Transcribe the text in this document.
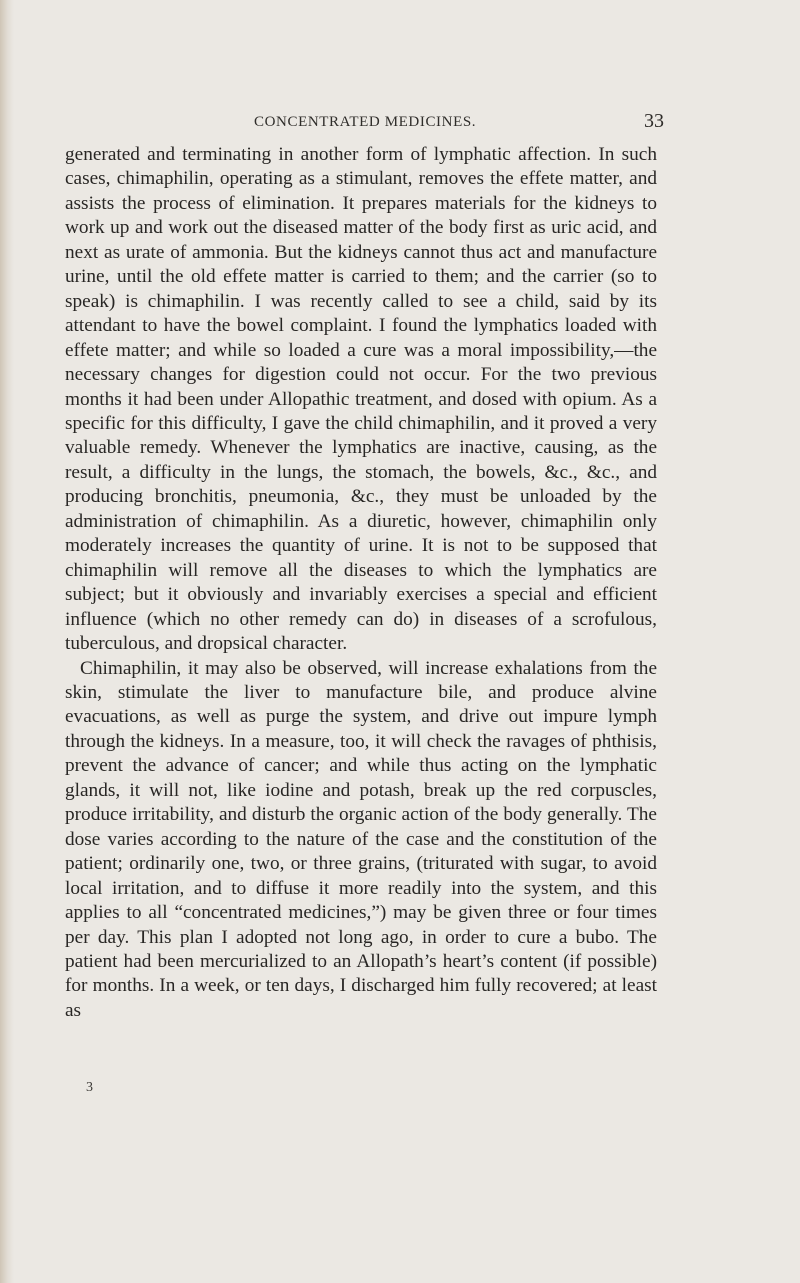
CONCENTRATED MEDICINES.	33

generated and terminating in another form of lymphatic affection. In such cases, chimaphilin, operating as a stimulant, removes the effete matter, and assists the process of elimination. It prepares materials for the kidneys to work up and work out the diseased matter of the body first as uric acid, and next as urate of ammonia. But the kidneys cannot thus act and manufacture urine, until the old effete matter is carried to them; and the carrier (so to speak) is chimaphilin. I was recently called to see a child, said by its attendant to have the bowel complaint. I found the lymphatics loaded with effete matter; and while so loaded a cure was a moral impossibility,—the necessary changes for digestion could not occur. For the two previous months it had been under Allopathic treatment, and dosed with opium. As a specific for this difficulty, I gave the child chimaphilin, and it proved a very valuable remedy. Whenever the lymphatics are inactive, causing, as the result, a difficulty in the lungs, the stomach, the bowels, &c., &c., and producing bronchitis, pneumonia, &c., they must be unloaded by the administration of chimaphilin. As a diuretic, however, chimaphilin only moderately increases the quantity of urine. It is not to be supposed that chimaphilin will remove all the diseases to which the lymphatics are subject; but it obviously and invariably exercises a special and efficient influence (which no other remedy can do) in diseases of a scrofulous, tuberculous, and dropsical character.

Chimaphilin, it may also be observed, will increase exhalations from the skin, stimulate the liver to manufacture bile, and produce alvine evacuations, as well as purge the system, and drive out impure lymph through the kidneys. In a measure, too, it will check the ravages of phthisis, prevent the advance of cancer; and while thus acting on the lymphatic glands, it will not, like iodine and potash, break up the red corpuscles, produce irritability, and disturb the organic action of the body generally. The dose varies according to the nature of the case and the constitution of the patient; ordinarily one, two, or three grains, (triturated with sugar, to avoid local irritation, and to diffuse it more readily into the system, and this applies to all “concentrated medicines,”) may be given three or four times per day. This plan I adopted not long ago, in order to cure a bubo. The patient had been mercurialized to an Allopath’s heart’s content (if possible) for months. In a week, or ten days, I discharged him fully recovered; at least as

3
